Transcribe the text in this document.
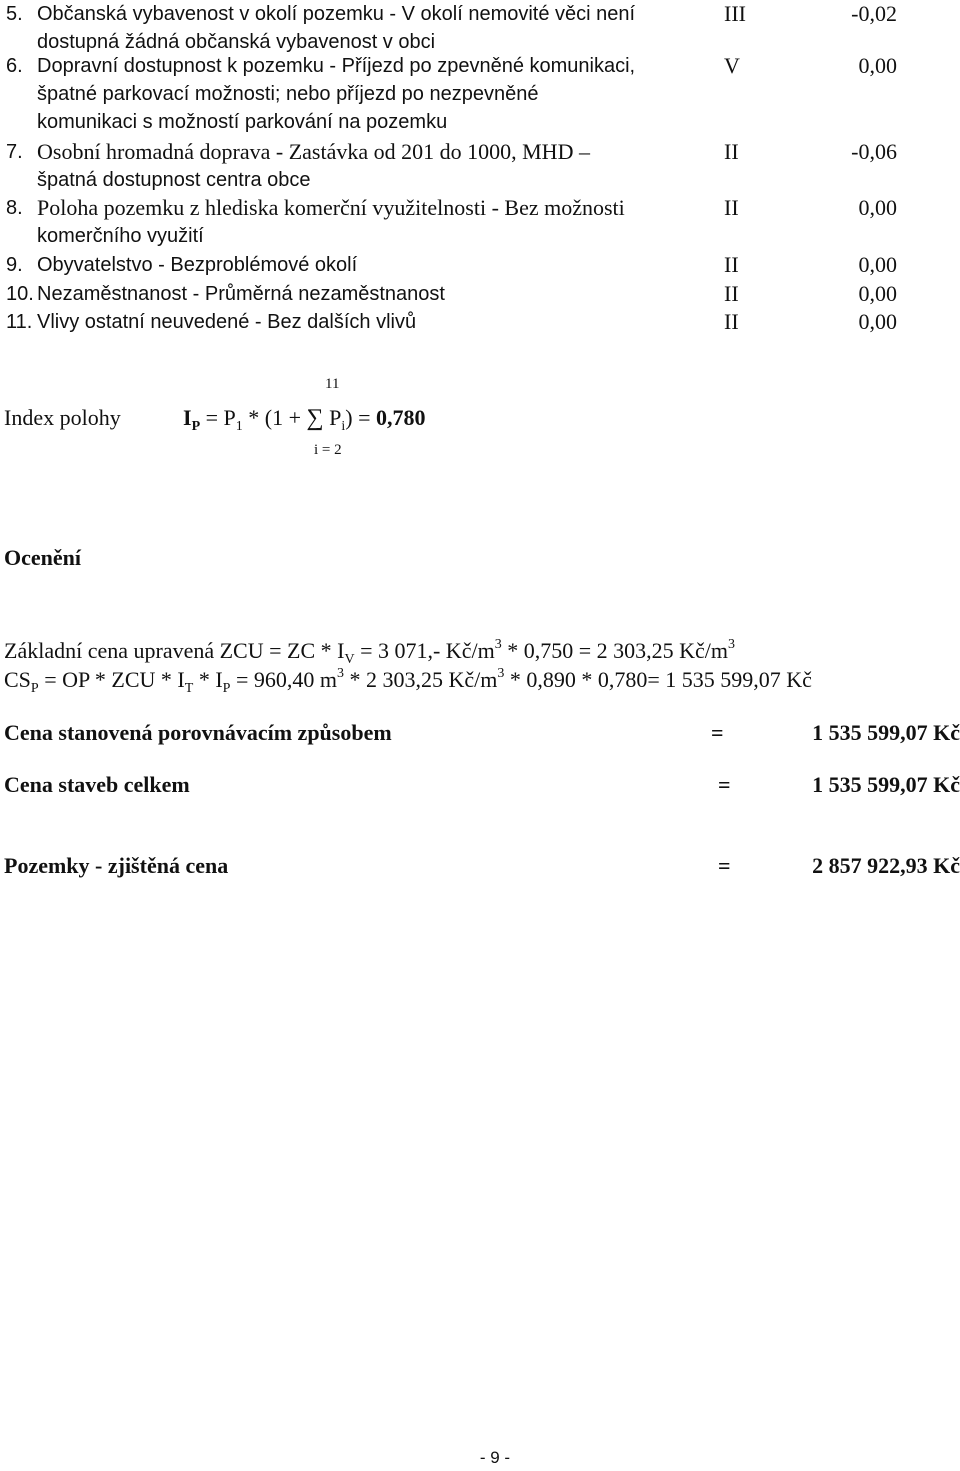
5. Občanská vybavenost v okolí pozemku - V okolí nemovité věci není
dostupná žádná občanská vybavenost v obci
III	-0,02
6. Dopravní dostupnost k pozemku - Příjezd po zpevněné komunikaci,
špatné parkovací možnosti; nebo příjezd po nezpevněné
komunikaci s možností parkování na pozemku
V	0,00
7. Osobní hromadná doprava - Zastávka od 201 do 1000, MHD –
špatná dostupnost centra obce
II	-0,06
8. Poloha pozemku z hlediska komerční využitelnosti - Bez možnosti
komerčního využití
II	0,00
9. Obyvatelstvo - Bezproblémové okolí	II	0,00
10. Nezaměstnanost - Průměrná nezaměstnanost	II	0,00
11. Vlivy ostatní neuvedené - Bez dalších vlivů	II	0,00
11
Index polohy	$I_P = P_1 * (1$ + ∑ $P_i) = 0,780$
i = 2
Ocenění
Základní cena upravená ZCU = ZC * $I_V = 3$ 071,- $Kč/m^3 * 0,750 = 2$ 303,25 $Kč/m^3$
$CS_P$ = OP * ZCU * $I_T * I_P = 960,40$ $m^3 * 2$ 303,25 $Kč/m^3 * 0,890 * 0,780= 1$ 535 599,07 Kč
Cena stanovená porovnávacím způsobem	=	1 535 599,07 Kč
Cena staveb celkem	=	1 535 599,07 Kč
Pozemky - zjištěná cena	=	2 857 922,93 Kč
- 9 -
